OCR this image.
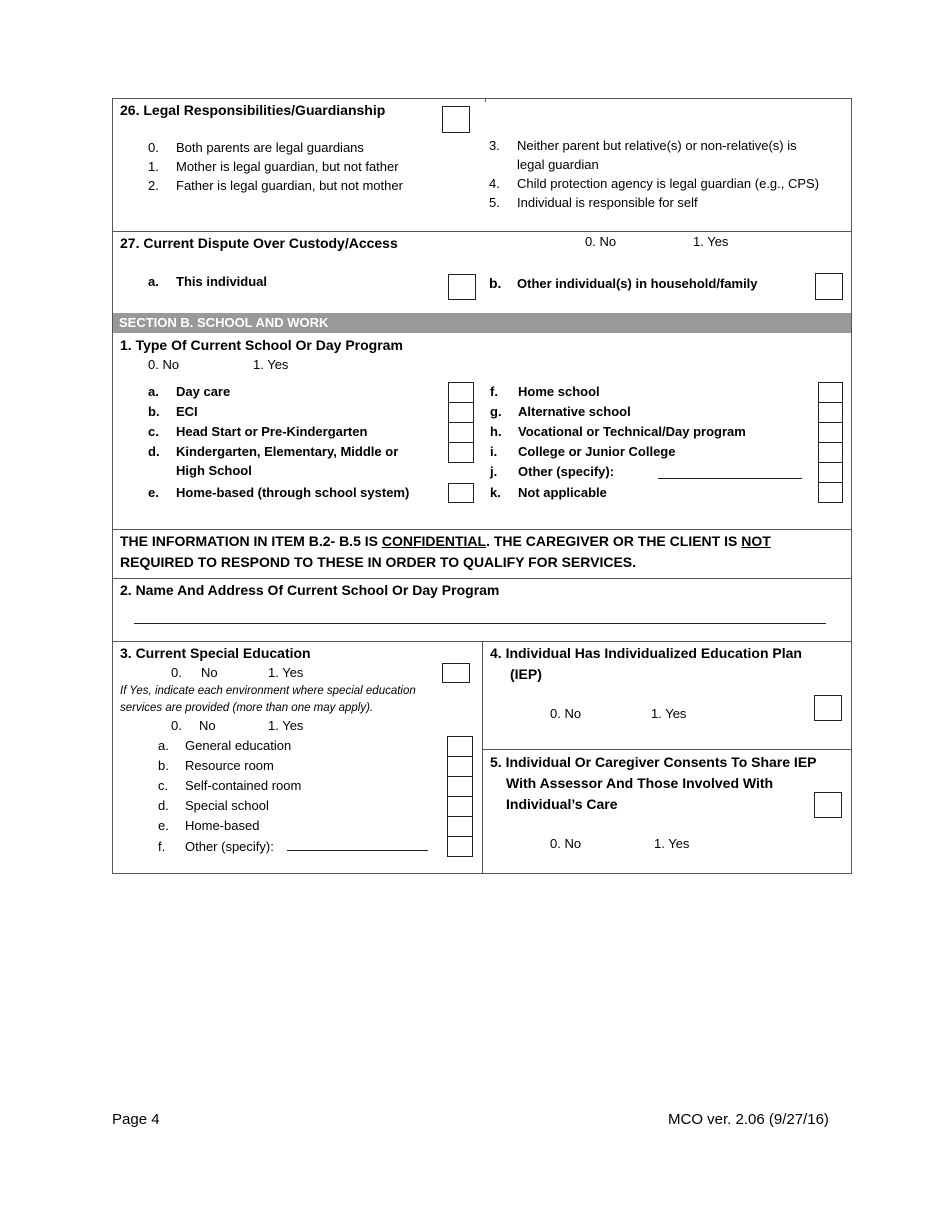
26. Legal Responsibilities/Guardianship
0. Both parents are legal guardians
1. Mother is legal guardian, but not father
2. Father is legal guardian, but not mother
3. Neither parent but relative(s) or non-relative(s) is
legal guardian
4. Child protection agency is legal guardian (e.g., CPS)
5. Individual is responsible for self
27. Current Dispute Over Custody/Access	0. No	1. Yes
a. This individual	b. Other individual(s) in household/family
SECTION B. SCHOOL AND WORK
1. Type Of Current School Or Day Program
0. No	1. Yes
a. Day care
b. ECI
c. Head Start or Pre-Kindergarten
d. Kindergarten, Elementary, Middle or
High School
e. Home-based (through school system)
f. Home school
g. Alternative school
h. Vocational or Technical/Day program
i. College or Junior College
j. Other (specify):
k. Not applicable
THE INFORMATION IN ITEM B.2- B.5 IS CONFIDENTIAL. THE CAREGIVER OR THE CLIENT IS NOT
REQUIRED TO RESPOND TO THESE IN ORDER TO QUALIFY FOR SERVICES.
2. Name And Address Of Current School Or Day Program
3. Current Special Education
0. No	1. Yes
If Yes, indicate each environment where special education
services are provided (more than one may apply).
0. No	1. Yes
a. General education
b. Resource room
c. Self-contained room
d. Special school
e. Home-based
f. Other (specify):
4. Individual Has Individualized Education Plan
(IEP)
0. No	1. Yes
5. Individual Or Caregiver Consents To Share IEP
With Assessor And Those Involved With
Individual’s Care
0. No	1. Yes
Page 4	MCO ver. 2.06 (9/27/16)
